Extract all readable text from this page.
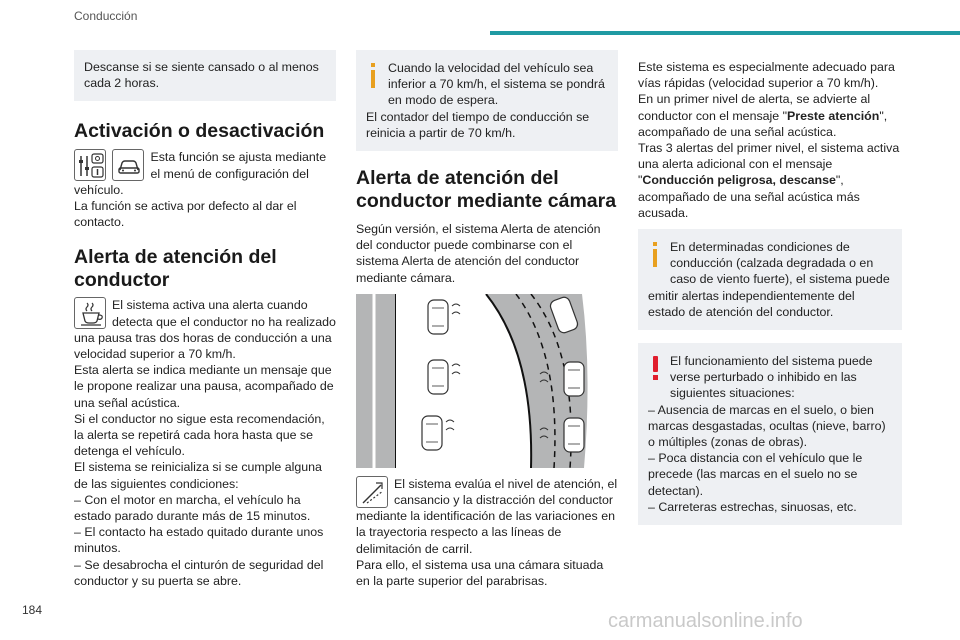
Conducción
Descanse si se siente cansado o al menos cada 2 horas.
Activación o desactivación

Esta función se ajusta mediante el menú de configuración del vehículo.
La función se activa por defecto al dar el contacto.
Alerta de atención del conductor
El sistema activa una alerta cuando detecta que el conductor no ha realizado una pausa tras dos horas de conducción a una velocidad superior a 70 km/h.
Esta alerta se indica mediante un mensaje que le propone realizar una pausa, acompañado de una señal acústica.
Si el conductor no sigue esta recomendación, la alerta se repetirá cada hora hasta que se detenga el vehículo.
El sistema se reinicializa si se cumple alguna de las siguientes condiciones:
– Con el motor en marcha, el vehículo ha estado parado durante más de 15 minutos.
– El contacto ha estado quitado durante unos minutos.
– Se desabrocha el cinturón de seguridad del conductor y su puerta se abre.
Cuando la velocidad del vehículo sea inferior a 70 km/h, el sistema se pondrá en modo de espera.
El contador del tiempo de conducción se reinicia a partir de 70 km/h.
Alerta de atención del conductor mediante cámara
Según versión, el sistema Alerta de atención del conductor puede combinarse con el sistema Alerta de atención del conductor mediante cámara.
El sistema evalúa el nivel de atención, el cansancio y la distracción del conductor mediante la identificación de las variaciones en la trayectoria respecto a las líneas de delimitación de carril.
Para ello, el sistema usa una cámara situada en la parte superior del parabrisas.
Este sistema es especialmente adecuado para vías rápidas (velocidad superior a 70 km/h).
En un primer nivel de alerta, se advierte al conductor con el mensaje "Preste atención", acompañado de una señal acústica.
Tras 3 alertas del primer nivel, el sistema activa una alerta adicional con el mensaje "Conducción peligrosa, descanse", acompañado de una señal acústica más acusada.
En determinadas condiciones de conducción (calzada degradada o en caso de viento fuerte), el sistema puede emitir alertas independientemente del estado de atención del conductor.
El funcionamiento del sistema puede verse perturbado o inhibido en las siguientes situaciones:
– Ausencia de marcas en el suelo, o bien marcas desgastadas, ocultas (nieve, barro) o múltiples (zonas de obras).
– Poca distancia con el vehículo que le precede (las marcas en el suelo no se detectan).
– Carreteras estrechas, sinuosas, etc.
184	carmanualsonline.info
